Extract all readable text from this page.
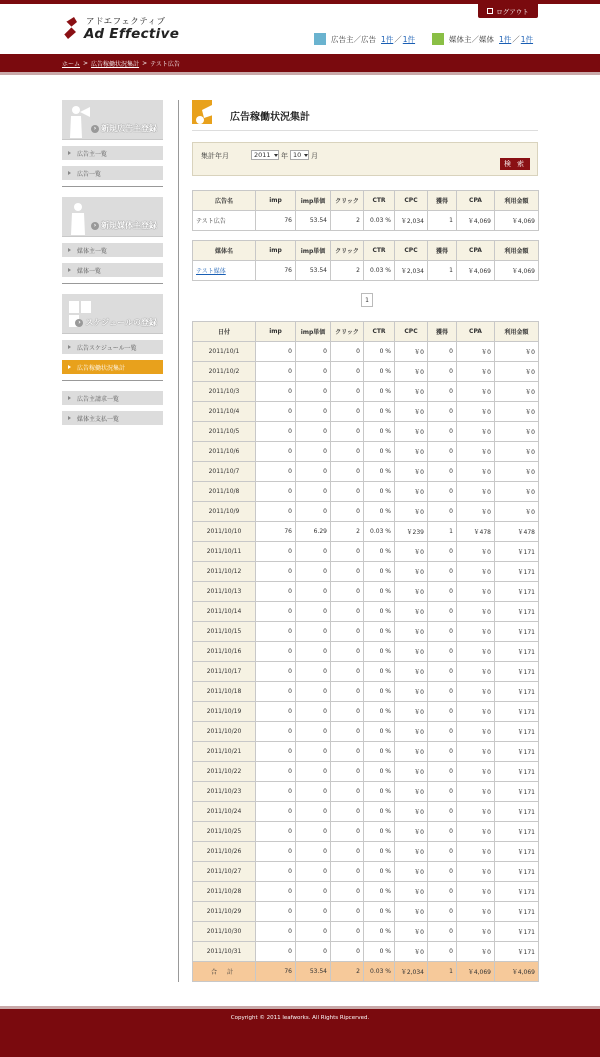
ログアウト
アドエフェクティブ
Ad Effective	広告主／広告 1件 ／ 1件	媒体主／媒体 1件 ／ 1件
ホーム > 広告稼働状況集計 > テスト広告
› 新規広告主登録
広告主一覧
広告一覧
› 新規媒体主登録
媒体主一覧
媒体一覧
› スケジュールの登録
広告スケジュール一覧
広告稼働状況集計
広告主請求一覧
媒体主支払一覧
広告稼働状況集計
集計年月	2011 年 10 月
検 索
広告名	imp	imp単価	クリック	CTR	CPC	獲得	CPA	利用金額
テスト広告	76	53.54	2	0.03 %	￥2,034	1	￥4,069	￥4,069
媒体名	imp	imp単価	クリック	CTR	CPC	獲得	CPA	利用金額
テスト媒体	76	53.54	2	0.03 %	￥2,034	1	￥4,069	￥4,069
1
日付	imp	imp単価	クリック	CTR	CPC	獲得	CPA	利用金額
2011/10/1	0	0	0	0 %	￥0	0	￥0	￥0
2011/10/2	0	0	0	0 %	￥0	0	￥0	￥0
2011/10/3	0	0	0	0 %	￥0	0	￥0	￥0
2011/10/4	0	0	0	0 %	￥0	0	￥0	￥0
2011/10/5	0	0	0	0 %	￥0	0	￥0	￥0
2011/10/6	0	0	0	0 %	￥0	0	￥0	￥0
2011/10/7	0	0	0	0 %	￥0	0	￥0	￥0
2011/10/8	0	0	0	0 %	￥0	0	￥0	￥0
2011/10/9	0	0	0	0 %	￥0	0	￥0	￥0
2011/10/10	76	6.29	2	0.03 %	￥239	1	￥478	￥478
2011/10/11	0	0	0	0 %	￥0	0	￥0	￥171
2011/10/12	0	0	0	0 %	￥0	0	￥0	￥171
2011/10/13	0	0	0	0 %	￥0	0	￥0	￥171
2011/10/14	0	0	0	0 %	￥0	0	￥0	￥171
2011/10/15	0	0	0	0 %	￥0	0	￥0	￥171
2011/10/16	0	0	0	0 %	￥0	0	￥0	￥171
2011/10/17	0	0	0	0 %	￥0	0	￥0	￥171
2011/10/18	0	0	0	0 %	￥0	0	￥0	￥171
2011/10/19	0	0	0	0 %	￥0	0	￥0	￥171
2011/10/20	0	0	0	0 %	￥0	0	￥0	￥171
2011/10/21	0	0	0	0 %	￥0	0	￥0	￥171
2011/10/22	0	0	0	0 %	￥0	0	￥0	￥171
2011/10/23	0	0	0	0 %	￥0	0	￥0	￥171
2011/10/24	0	0	0	0 %	￥0	0	￥0	￥171
2011/10/25	0	0	0	0 %	￥0	0	￥0	￥171
2011/10/26	0	0	0	0 %	￥0	0	￥0	￥171
2011/10/27	0	0	0	0 %	￥0	0	￥0	￥171
2011/10/28	0	0	0	0 %	￥0	0	￥0	￥171
2011/10/29	0	0	0	0 %	￥0	0	￥0	￥171
2011/10/30	0	0	0	0 %	￥0	0	￥0	￥171
2011/10/31	0	0	0	0 %	￥0	0	￥0	￥171
合 計	76	53.54	2	0.03 %	￥2,034	1	￥4,069	￥4,069
Copyright © 2011 leafworks. All Rights Ripcerved.
